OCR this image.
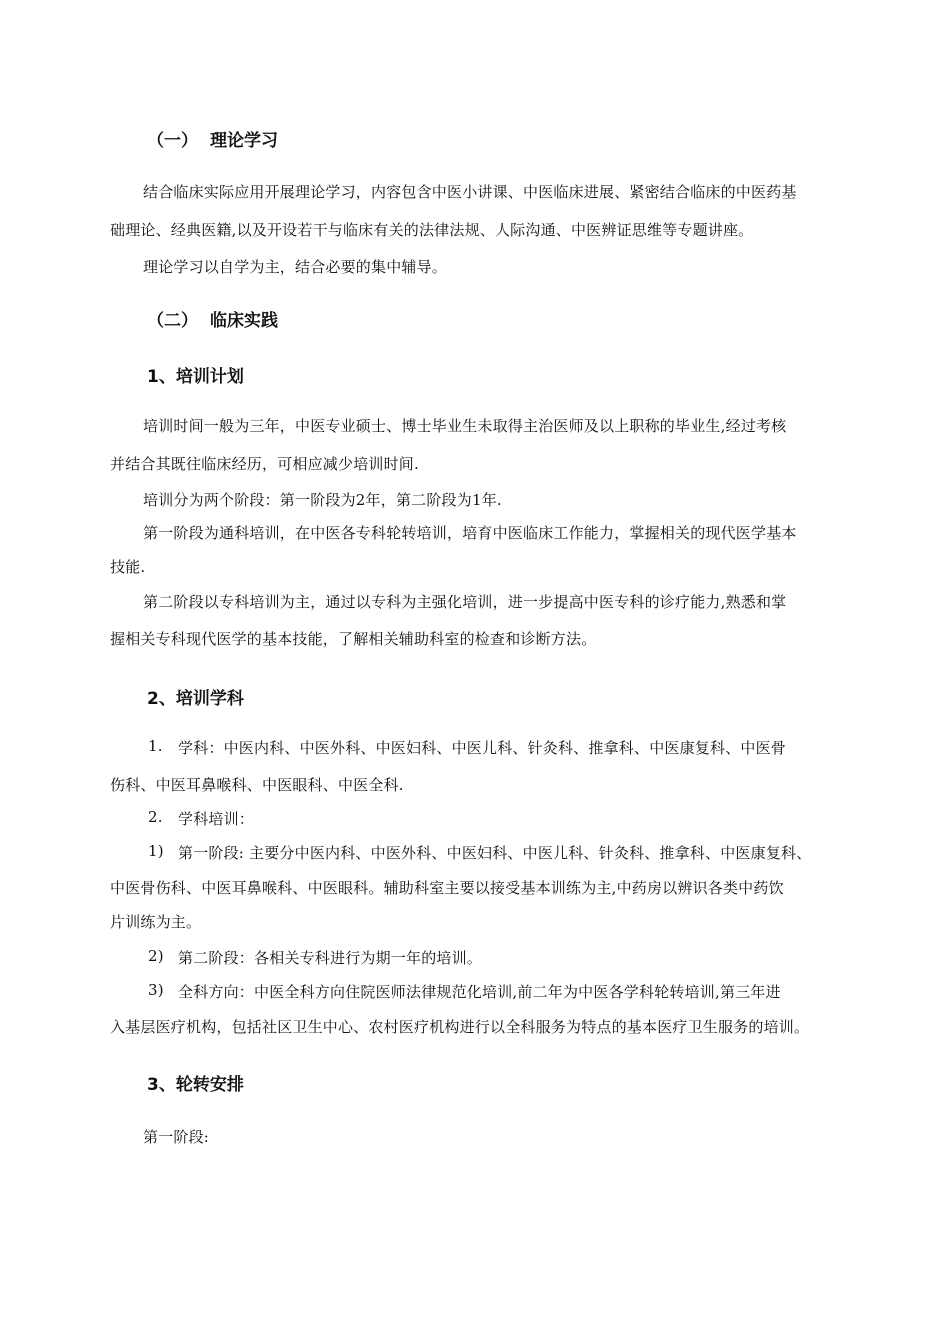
（一） 理论学习
结合临床实际应用开展理论学习，内容包含中医小讲课、中医临床进展、紧密结合临床的中医药基
础理论、经典医籍,以及开设若干与临床有关的法律法规、人际沟通、中医辨证思维等专题讲座。
理论学习以自学为主，结合必要的集中辅导。
（二） 临床实践
1、培训计划
培训时间一般为三年，中医专业硕士、博士毕业生未取得主治医师及以上职称的毕业生,经过考核
并结合其既往临床经历，可相应减少培训时间.
培训分为两个阶段：第一阶段为2年，第二阶段为1年.
第一阶段为通科培训，在中医各专科轮转培训，培育中医临床工作能力，掌握相关的现代医学基本
技能.
第二阶段以专科培训为主，通过以专科为主强化培训，进一步提高中医专科的诊疗能力,熟悉和掌
握相关专科现代医学的基本技能，了解相关辅助科室的检查和诊断方法。
2、培训学科
1. 学科：中医内科、中医外科、中医妇科、中医儿科、针灸科、推拿科、中医康复科、中医骨
伤科、中医耳鼻喉科、中医眼科、中医全科.
2. 学科培训：
1) 第一阶段: 主要分中医内科、中医外科、中医妇科、中医儿科、针灸科、推拿科、中医康复科、
中医骨伤科、中医耳鼻喉科、中医眼科。辅助科室主要以接受基本训练为主,中药房以辨识各类中药饮
片训练为主。
2) 第二阶段：各相关专科进行为期一年的培训。
3) 全科方向：中医全科方向住院医师法律规范化培训,前二年为中医各学科轮转培训,第三年进
入基层医疗机构，包括社区卫生中心、农村医疗机构进行以全科服务为特点的基本医疗卫生服务的培训。
3、轮转安排
第一阶段:
